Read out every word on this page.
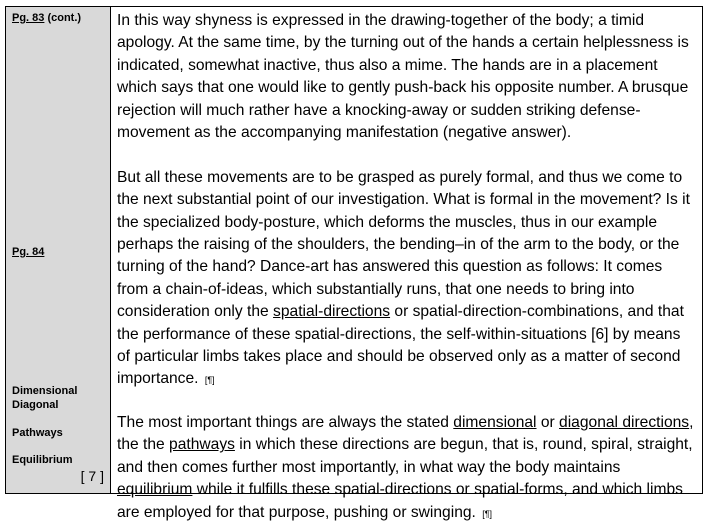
Pg. 83 (cont.)
Pg. 84
Dimensional
Diagonal
Pathways
Equilibrium
[ 7 ]

In this way shyness is expressed in the drawing-together of the body; a timid apology. At the same time, by the turning out of the hands a certain helplessness is indicated, somewhat inactive, thus also a mime. The hands are in a placement which says that one would like to gently push-back his opposite number. A brusque rejection will much rather have a knocking-away or sudden striking defense-movement as the accompanying manifestation (negative answer).

But all these movements are to be grasped as purely formal, and thus we come to the next substantial point of our investigation. What is formal in the movement? Is it the specialized body-posture, which deforms the muscles, thus in our example perhaps the raising of the shoulders, the bending–in of the arm to the body, or the turning of the hand? Dance-art has answered this question as follows: It comes from a chain-of-ideas, which substantially runs, that one needs to bring into consideration only the spatial-directions or spatial-direction-combinations, and that the performance of these spatial-directions, the self-within-situations [6] by means of particular limbs takes place and should be observed only as a matter of second importance. [¶]

The most important things are always the stated dimensional or diagonal directions, the the pathways in which these directions are begun, that is, round, spiral, straight, and then comes further most importantly, in what way the body maintains equilibrium while it fulfills these spatial-directions or spatial-forms, and which limbs are employed for that purpose, pushing or swinging. [¶]
